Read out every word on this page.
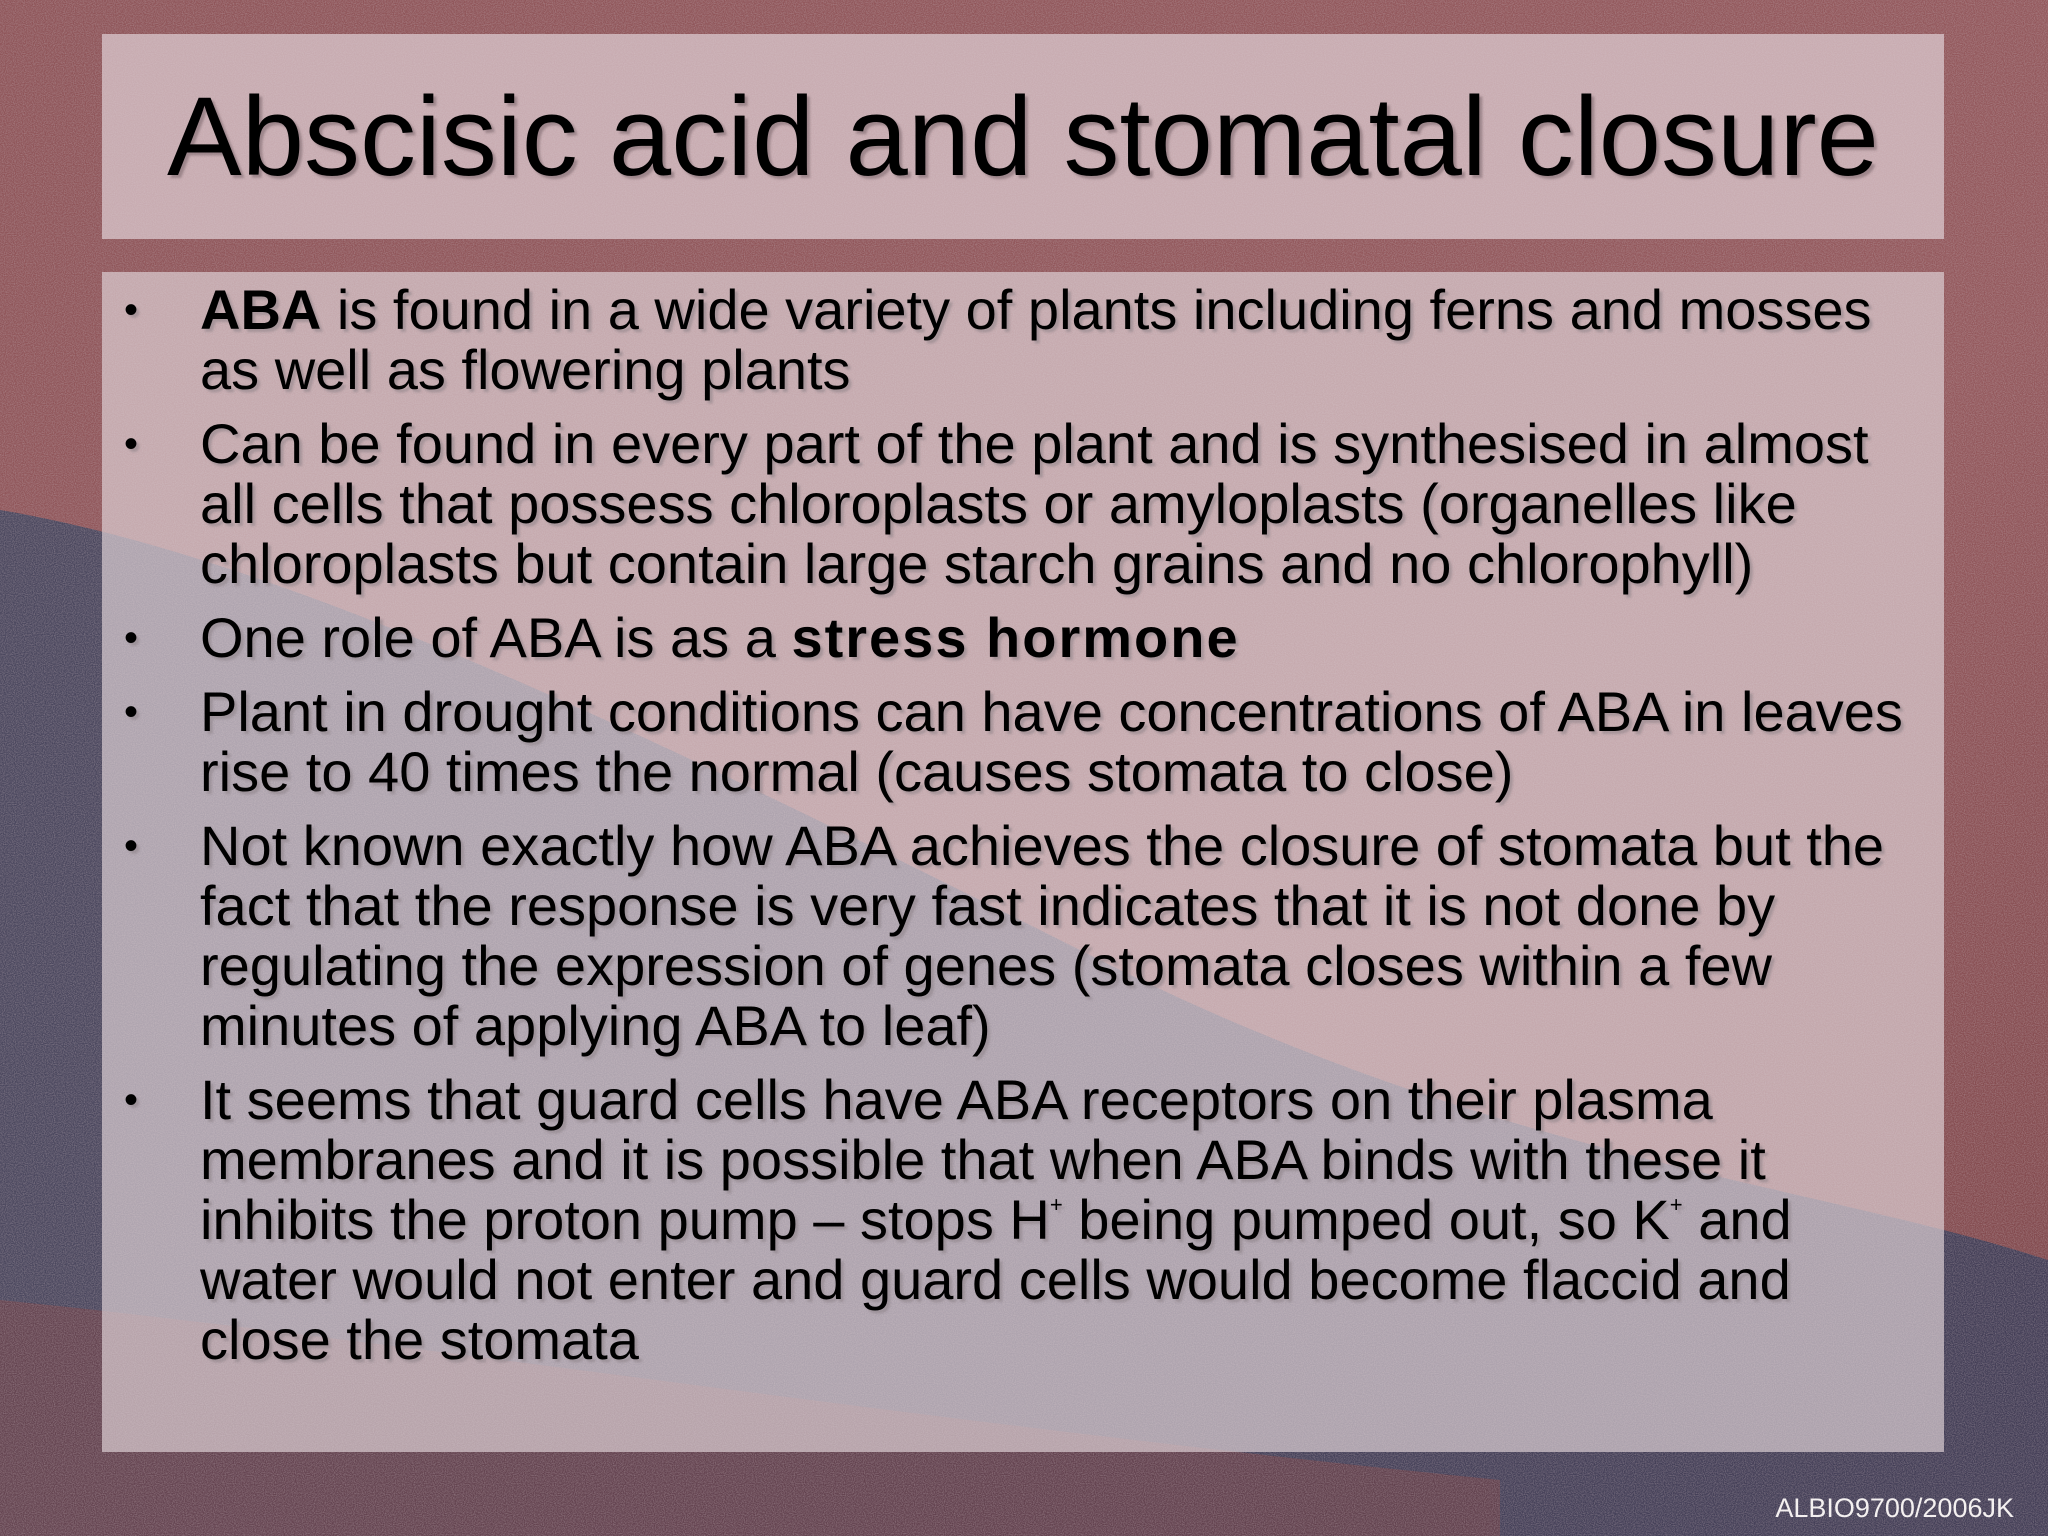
Abscisic acid and stomatal closure
• ABA is found in a wide variety of plants including ferns and mosses as well as flowering plants
• Can be found in every part of the plant and is synthesised in almost all cells that possess chloroplasts or amyloplasts (organelles like chloroplasts but contain large starch grains and no chlorophyll)
• One role of ABA is as a stress hormone
• Plant in drought conditions can have concentrations of ABA in leaves rise to 40 times the normal (causes stomata to close)
• Not known exactly how ABA achieves the closure of stomata but the fact that the response is very fast indicates that it is not done by regulating the expression of genes (stomata closes within a few minutes of applying ABA to leaf)
• It seems that guard cells have ABA receptors on their plasma membranes and it is possible that when ABA binds with these it inhibits the proton pump – stops H+ being pumped out, so K+ and water would not enter and guard cells would become flaccid and close the stomata
ALBIO9700/2006JK
